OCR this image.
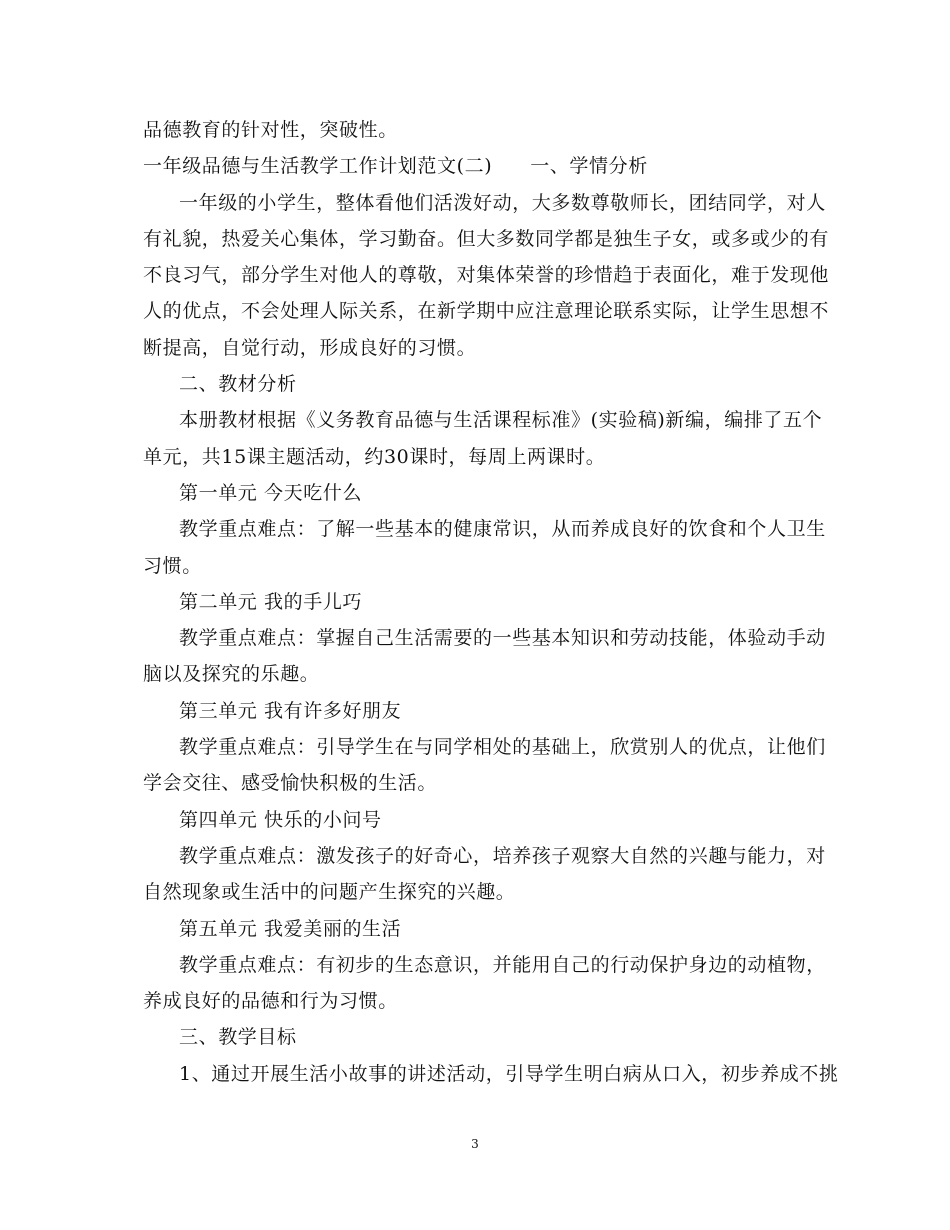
品德教育的针对性，突破性。
一年级品德与生活教学工作计划范文(二) 一、学情分析
一年级的小学生，整体看他们活泼好动，大多数尊敬师长，团结同学，对人
有礼貌，热爱关心集体，学习勤奋。但大多数同学都是独生子女，或多或少的有
不良习气，部分学生对他人的尊敬，对集体荣誉的珍惜趋于表面化，难于发现他
人的优点，不会处理人际关系，在新学期中应注意理论联系实际，让学生思想不
断提高，自觉行动，形成良好的习惯。
二、教材分析
本册教材根据《义务教育品德与生活课程标准》(实验稿)新编，编排了五个
单元，共15课主题活动，约30课时，每周上两课时。
第一单元 今天吃什么
教学重点难点：了解一些基本的健康常识，从而养成良好的饮食和个人卫生
习惯。
第二单元 我的手儿巧
教学重点难点：掌握自己生活需要的一些基本知识和劳动技能，体验动手动
脑以及探究的乐趣。
第三单元 我有许多好朋友
教学重点难点：引导学生在与同学相处的基础上，欣赏别人的优点，让他们
学会交往、感受愉快积极的生活。
第四单元 快乐的小问号
教学重点难点：激发孩子的好奇心，培养孩子观察大自然的兴趣与能力，对
自然现象或生活中的问题产生探究的兴趣。
第五单元 我爱美丽的生活
教学重点难点：有初步的生态意识，并能用自己的行动保护身边的动植物，
养成良好的品德和行为习惯。
三、教学目标
1、通过开展生活小故事的讲述活动，引导学生明白病从口入，初步养成不挑
3
